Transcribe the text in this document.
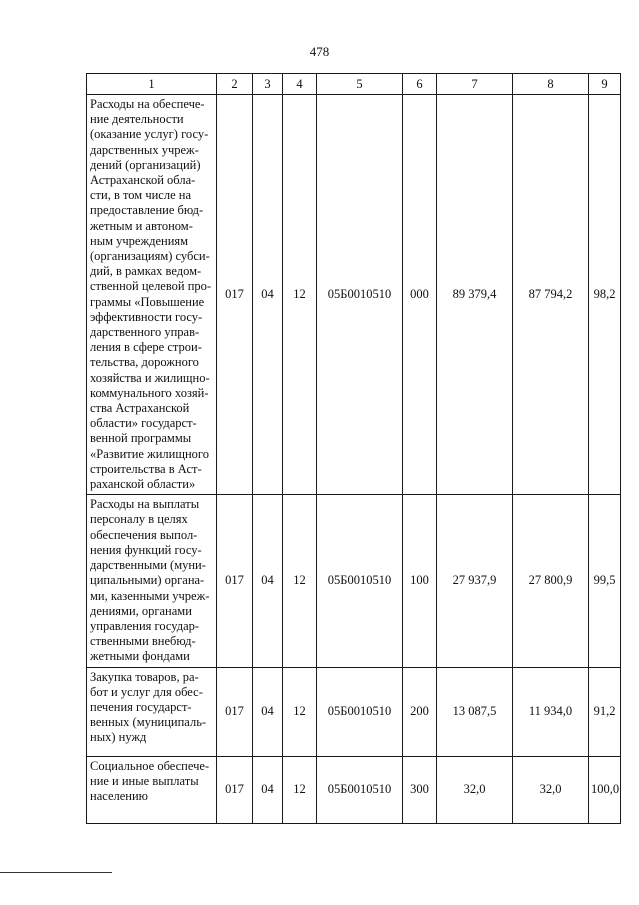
478
1	2	3	4	5	6	7	8	9
Расходы на обеспече-ние деятельности (оказание услуг) госу-дарственных учреж-дений (организаций) Астраханской обла-сти, в том числе на предоставление бюд-жетным и автоном-ным учреждениям (организациям) субси-дий, в рамках ведом-ственной целевой про-граммы «Повышение эффективности госу-дарственного управ-ления в сфере строи-тельства, дорожного хозяйства и жилищно-коммунального хозяй-ства Астраханской области» государст-венной программы «Развитие жилищного строительства в Аст-раханской области»	017	04	12	05Б0010510	000	89 379,4	87 794,2	98,2
Расходы на выплаты персоналу в целях обеспечения выпол-нения функций госу-дарственными (муни-ципальными) органа-ми, казенными учреж-дениями, органами управления государ-ственными внебюд-жетными фондами	017	04	12	05Б0010510	100	27 937,9	27 800,9	99,5
Закупка товаров, ра-бот и услуг для обес-печения государст-венных (муниципаль-ных) нужд	017	04	12	05Б0010510	200	13 087,5	11 934,0	91,2
Социальное обеспече-ние и иные выплаты населению	017	04	12	05Б0010510	300	32,0	32,0	100,0
